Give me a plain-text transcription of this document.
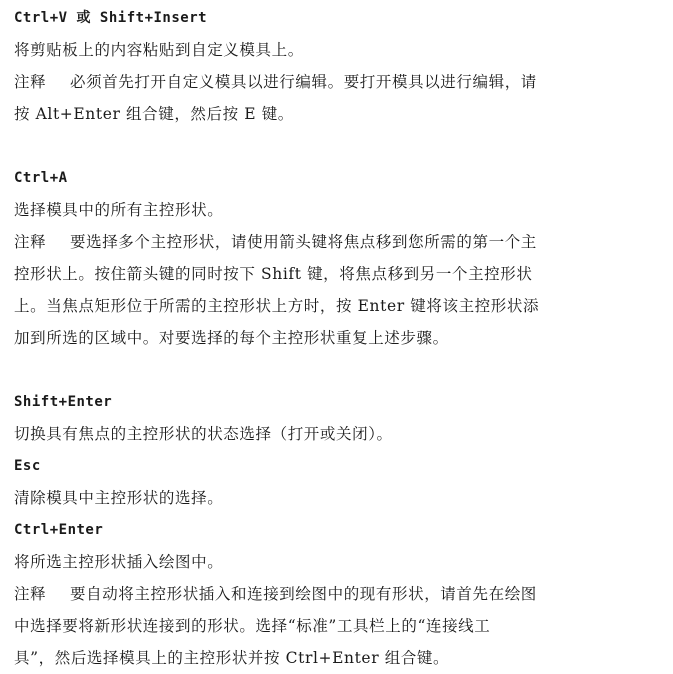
Ctrl+V 或 Shift+Insert
将剪贴板上的内容粘贴到自定义模具上。
注释 必须首先打开自定义模具以进行编辑。要打开模具以进行编辑，请
按 Alt+Enter 组合键，然后按 E 键。
Ctrl+A
选择模具中的所有主控形状。
注释 要选择多个主控形状，请使用箭头键将焦点移到您所需的第一个主
控形状上。按住箭头键的同时按下 Shift 键，将焦点移到另一个主控形状
上。当焦点矩形位于所需的主控形状上方时，按 Enter 键将该主控形状添
加到所选的区域中。对要选择的每个主控形状重复上述步骤。
Shift+Enter
切换具有焦点的主控形状的状态选择（打开或关闭）。
Esc
清除模具中主控形状的选择。
Ctrl+Enter
将所选主控形状插入绘图中。
注释 要自动将主控形状插入和连接到绘图中的现有形状，请首先在绘图
中选择要将新形状连接到的形状。选择“标准”工具栏上的“连接线工
具”，然后选择模具上的主控形状并按 Ctrl+Enter 组合键。
